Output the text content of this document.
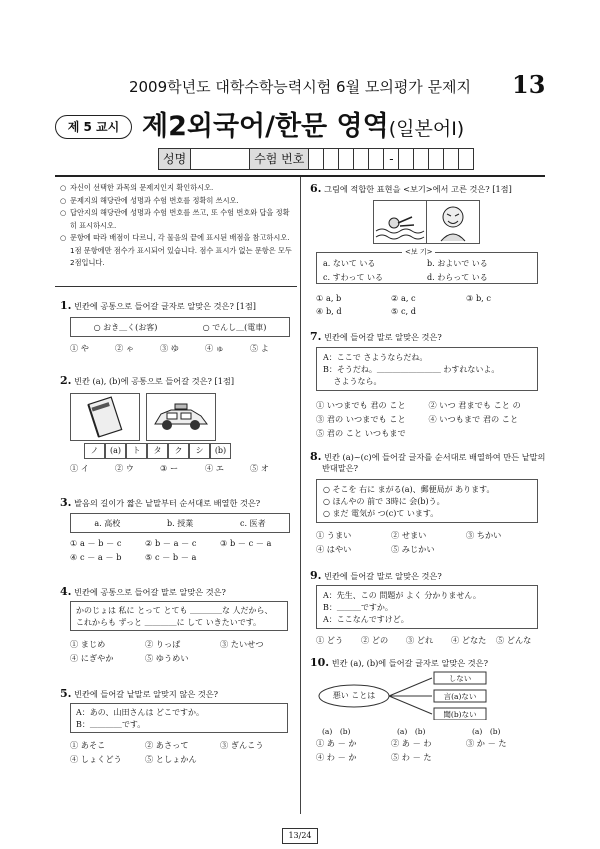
2009학년도 대학수학능력시험 6월 모의평가 문제지	13
제 5 교시 제2외국어/한문 영역(일본어Ⅰ)
성명	수험 번호	-
○ 자신이 선택한 과목의 문제지인지 확인하시오.
○ 문제지의 해당란에 성명과 수험 번호를 정확히 쓰시오.
○ 답안지의 해당란에 성명과 수험 번호를 쓰고, 또 수험 번호와 답을 정확히 표시하시오.
○ 문항에 따라 배점이 다르니, 각 물음의 끝에 표시된 배점을 참고하시오. 1점 문항에만 점수가 표시되어 있습니다. 점수 표시가 없는 문항은 모두 2점입니다.
1. 빈칸에 공통으로 들어갈 글자로 알맞은 것은? [1점]
○ おき＿く(お客)	○ でんし＿(電車)
① や	② ゃ	③ ゆ	④ ゅ	⑤ よ
2. 빈칸 (a), (b)에 공통으로 들어갈 것은? [1점]
ノ	(a)	ト	タ	ク	シ	(b)
① イ	② ウ	③ ー	④ エ	⑤ オ
3. 발음의 길이가 짧은 낱말부터 순서대로 배열한 것은?
a. 高校	b. 授業	c. 医者
① a － b － c	② b － a － c	③ b － c － a
④ c － a － b	⑤ c － b － a
4. 빈칸에 공통으로 들어갈 말로 알맞은 것은?
かのじょは 私に とって とても ＿＿＿＿な 人だから、
これからも ずっと ＿＿＿＿に して いきたいです。
① まじめ	② りっぱ	③ たいせつ
④ にぎやか	⑤ ゆうめい
5. 빈칸에 들어갈 낱말로 알맞지 않은 것은?
A：あの、山田さんは どこですか。
B：＿＿＿＿です。
① あそこ	② あさって	③ ぎんこう
④ しょくどう	⑤ としょかん
6. 그림에 적합한 표현을 <보기>에서 고른 것은? [1점]
a. ないて いる	b. およいで いる
c. すわって いる	d. わらって いる
<보 기>
① a, b	② a, c	③ b, c
④ b, d	⑤ c, d
7. 빈칸에 들어갈 말로 알맞은 것은?
A：ここで さようならだね。
B：そうだね。＿＿＿＿＿＿＿＿ わすれないよ。
　 さようなら。
① いつまでも 君の こと	② いつ 君までも こと の
③ 君の いつまでも こと	④ いつもまで 君の こと
⑤ 君の こと いつもまで
8. 빈칸 (a)~(c)에 들어갈 글자를 순서대로 배열하여 만든 낱말의
반대말은?
○ そこを 右に まがる(a)、郵便局が あります。
○ ほんやの 前で 3時に 会(b)う。
○ まだ 電気が つ(c)て います。
① うまい	② せまい	③ ちかい
④ はやい	⑤ みじかい
9. 빈칸에 들어갈 말로 알맞은 것은?
A：先生、この 問題が よく 分かりません。
B：＿＿＿ですか。
A：ここなんですけど。
① どう	② どの	③ どれ	④ どなた	⑤ どんな
10. 빈칸 (a), (b)에 들어갈 글자로 알맞은 것은?
悪い ことは
しない
言(a)ない
聞(b)ない
(a)　(b)	(a)　(b)	(a)　(b)
① あ － か	② あ － わ	③ か － た
④ わ － か	⑤ わ － た
13/24
